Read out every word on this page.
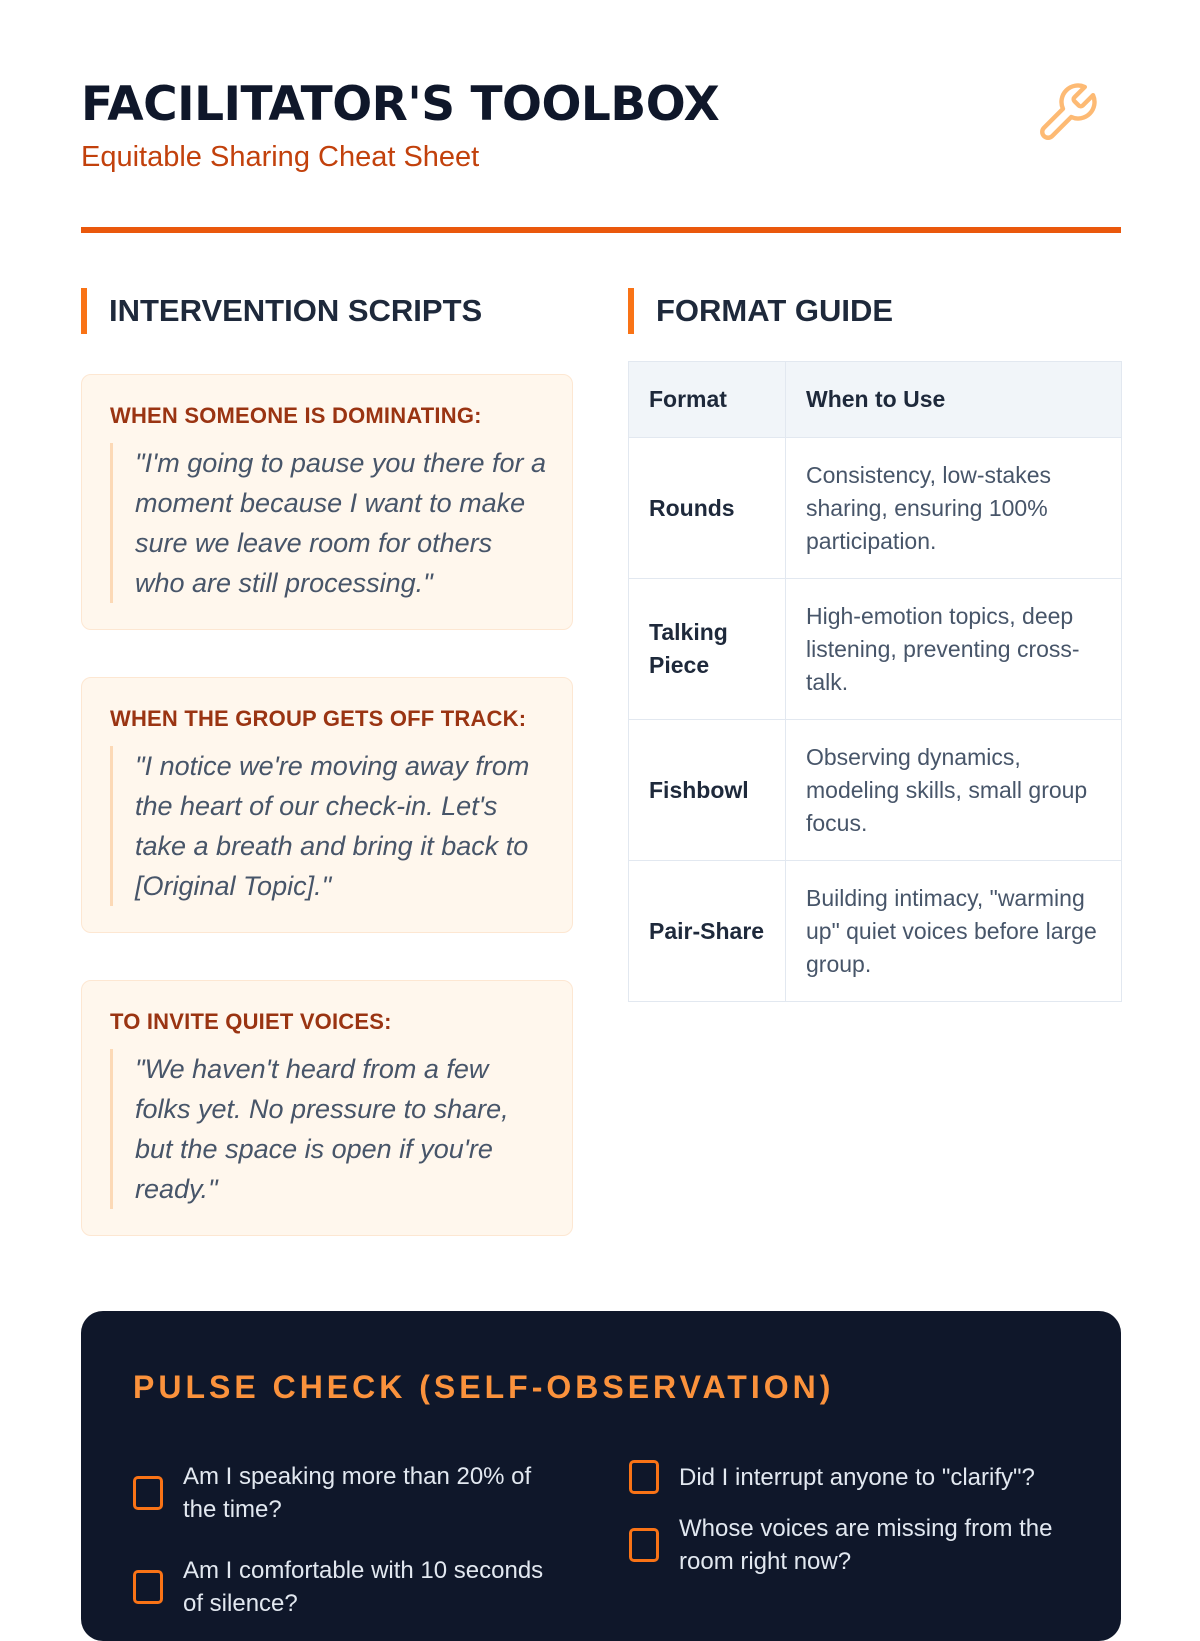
FACILITATOR'S TOOLBOX
Equitable Sharing Cheat Sheet
INTERVENTION SCRIPTS
WHEN SOMEONE IS DOMINATING:
"I'm going to pause you there for a moment because I want to make sure we leave room for others who are still processing."
WHEN THE GROUP GETS OFF TRACK:
"I notice we're moving away from the heart of our check-in. Let's take a breath and bring it back to [Original Topic]."
TO INVITE QUIET VOICES:
"We haven't heard from a few folks yet. No pressure to share, but the space is open if you're ready."
FORMAT GUIDE
Format	When to Use
Rounds	Consistency, low-stakes sharing, ensuring 100% participation.
Talking Piece	High-emotion topics, deep listening, preventing cross-talk.
Fishbowl	Observing dynamics, modeling skills, small group focus.
Pair-Share	Building intimacy, "warming up" quiet voices before large group.
PULSE CHECK (SELF-OBSERVATION)
Am I speaking more than 20% of the time?
Am I comfortable with 10 seconds of silence?
Did I interrupt anyone to "clarify"?
Whose voices are missing from the room right now?
